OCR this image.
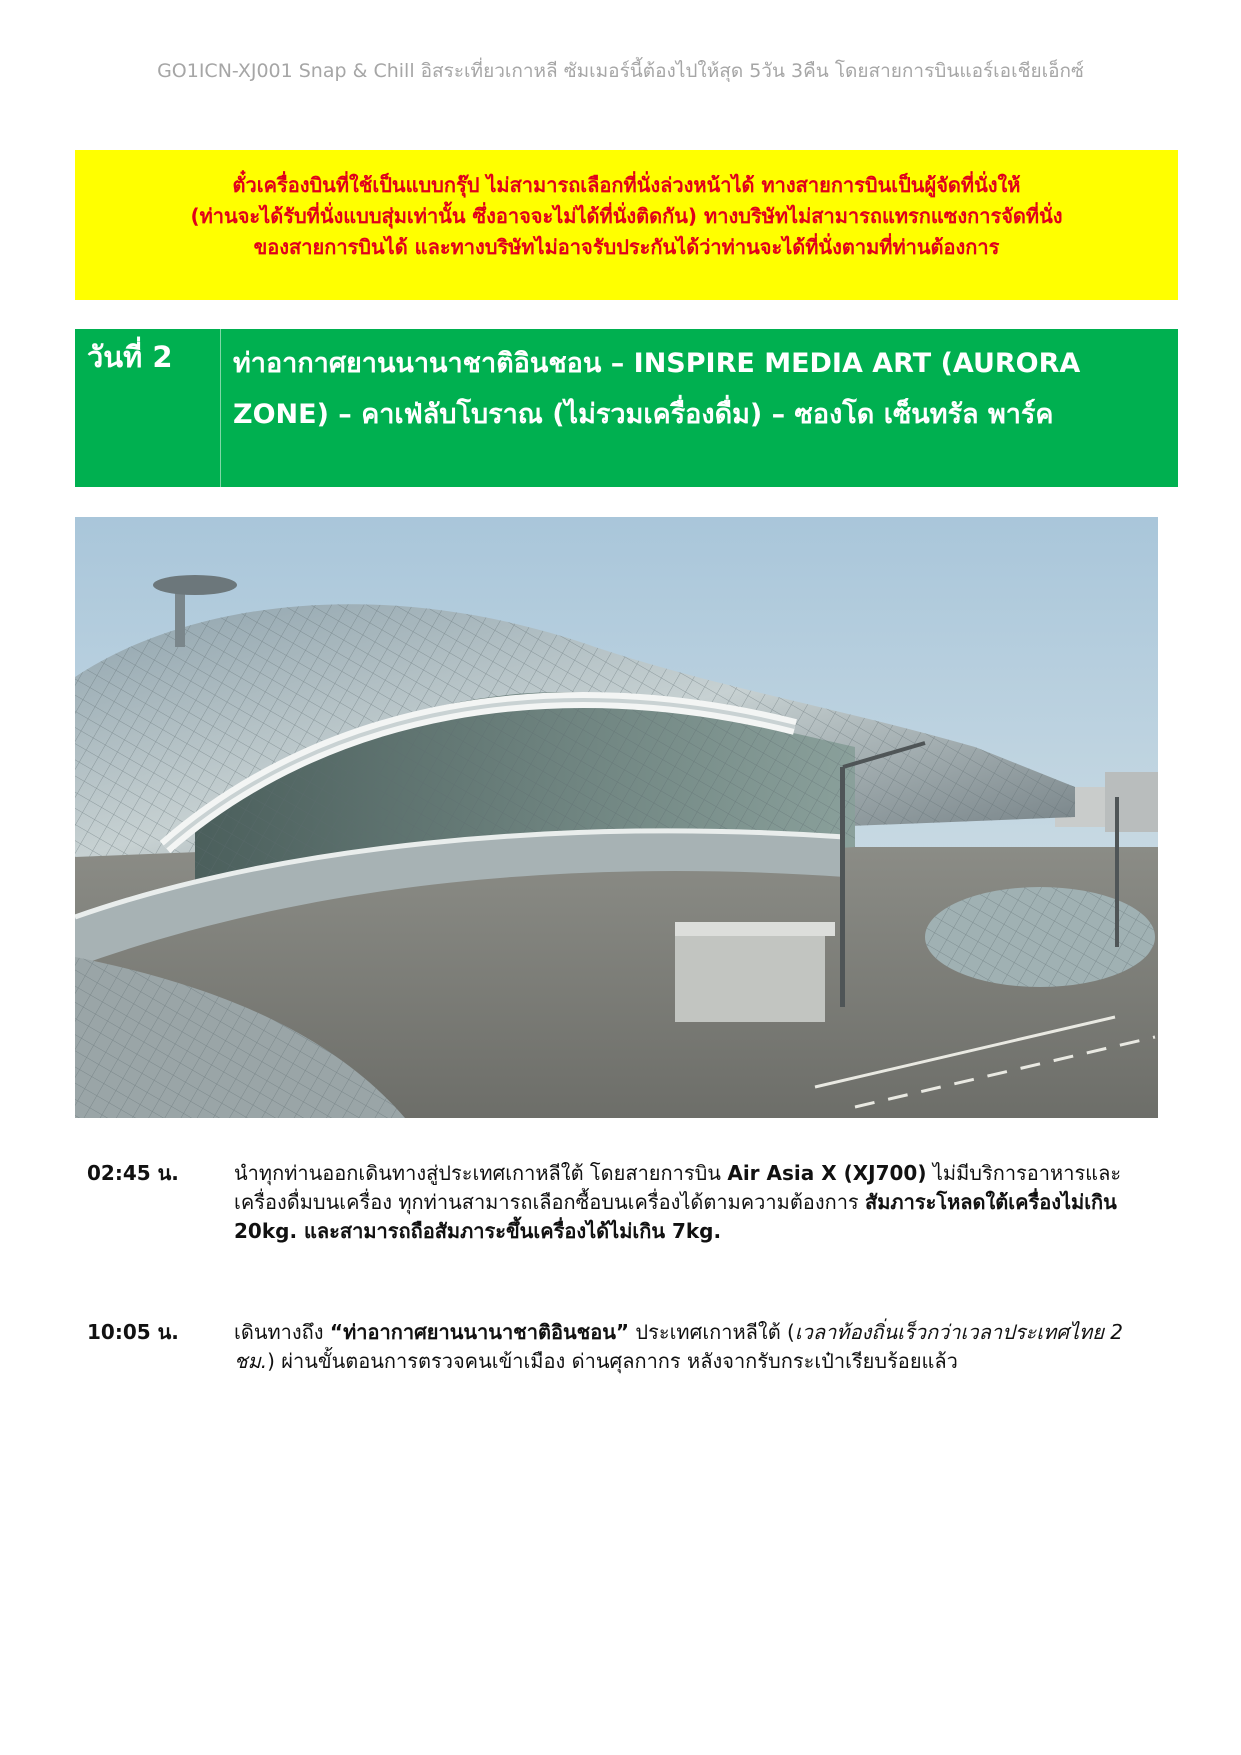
GO1ICN-XJ001 Snap & Chill อิสระเที่ยวเกาหลี ซัมเมอร์นี้ต้องไปให้สุด 5วัน 3คืน โดยสายการบินแอร์เอเชียเอ็กซ์

ตั๋วเครื่องบินที่ใช้เป็นแบบกรุ๊ป ไม่สามารถเลือกที่นั่งล่วงหน้าได้ ทางสายการบินเป็นผู้จัดที่นั่งให้

(ท่านจะได้รับที่นั่งแบบสุ่มเท่านั้น ซึ่งอาจจะไม่ได้ที่นั่งติดกัน) ทางบริษัทไม่สามารถแทรกแซงการจัดที่นั่ง

ของสายการบินได้ และทางบริษัทไม่อาจรับประกันได้ว่าท่านจะได้ที่นั่งตามที่ท่านต้องการ

วันที่ 2	ท่าอากาศยานนานาชาติอินชอน – INSPIRE MEDIA ART (AURORA ZONE) – คาเฟ่ลับโบราณ (ไม่รวมเครื่องดื่ม) – ซองโด เซ็นทรัล พาร์ค
02:45 น.	นำทุกท่านออกเดินทางสู่ประเทศเกาหลีใต้ โดยสายการบิน Air Asia X (XJ700) ไม่มีบริการอาหารและเครื่องดื่มบนเครื่อง ทุกท่านสามารถเลือกซื้อบนเครื่องได้ตามความต้องการ สัมภาระโหลดใต้เครื่องไม่เกิน 20kg. และสามารถถือสัมภาระขึ้นเครื่องได้ไม่เกิน 7kg.
10:05 น.	เดินทางถึง “ท่าอากาศยานนานาชาติอินชอน” ประเทศเกาหลีใต้ (เวลาท้องถิ่นเร็วกว่าเวลาประเทศไทย 2 ชม.) ผ่านขั้นตอนการตรวจคนเข้าเมือง ด่านศุลกากร หลังจากรับกระเป๋าเรียบร้อยแล้ว
